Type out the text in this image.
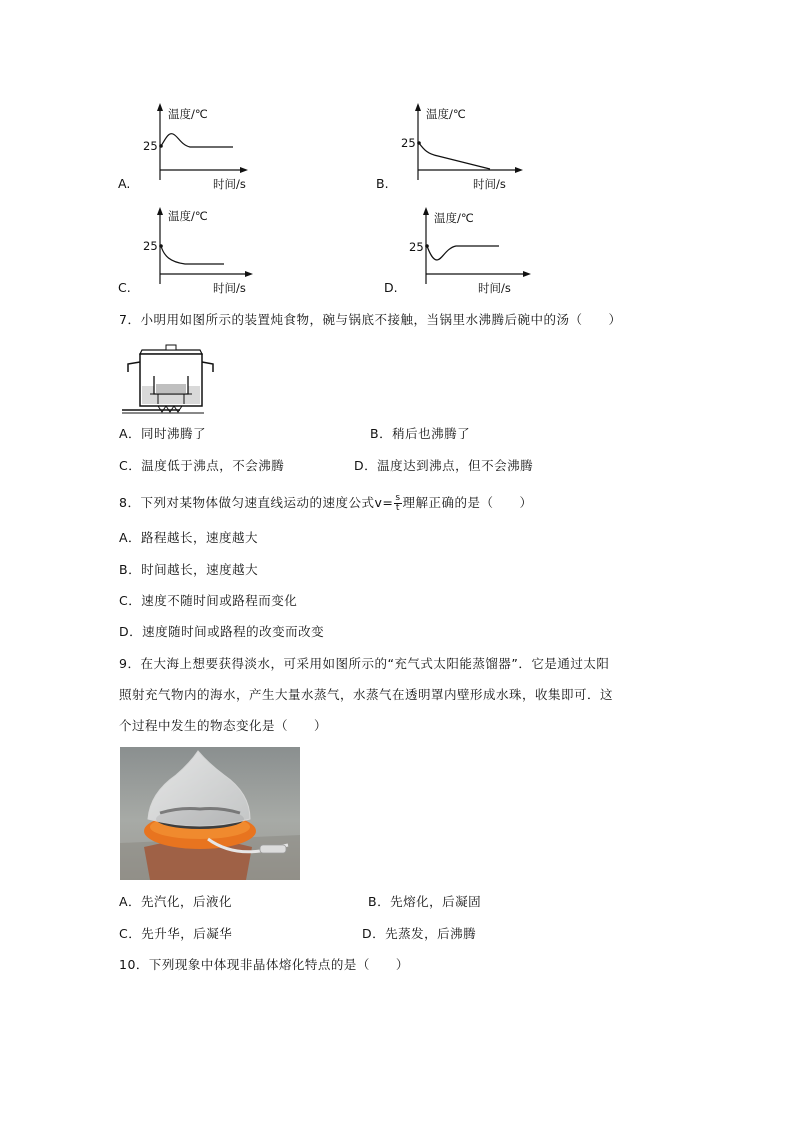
A.
温度/℃
25
时间/s	B.
温度/℃
25
时间/s
C.
温度/℃
25
时间/s	D.
温度/℃
25
时间/s
7．小明用如图所示的装置炖食物，碗与锅底不接触，当锅里水沸腾后碗中的汤（　　）
A．同时沸腾了	B．稍后也沸腾了
C．温度低于沸点，不会沸腾	D．温度达到沸点，但不会沸腾
8．下列对某物体做匀速直线运动的速度公式$v= \frac{s}{t}$ 理解正确的是（　　）
A．路程越长，速度越大
B．时间越长，速度越大
C．速度不随时间或路程而变化
D．速度随时间或路程的改变而改变
9．在大海上想要获得淡水，可采用如图所示的“充气式太阳能蒸馏器”．它是通过太阳
照射充气物内的海水，产生大量水蒸气，水蒸气在透明罩内壁形成水珠，收集即可．这
个过程中发生的物态变化是（　　）
A．先汽化，后液化	B．先熔化，后凝固
C．先升华，后凝华	D．先蒸发，后沸腾
10．下列现象中体现非晶体熔化特点的是（　　）
